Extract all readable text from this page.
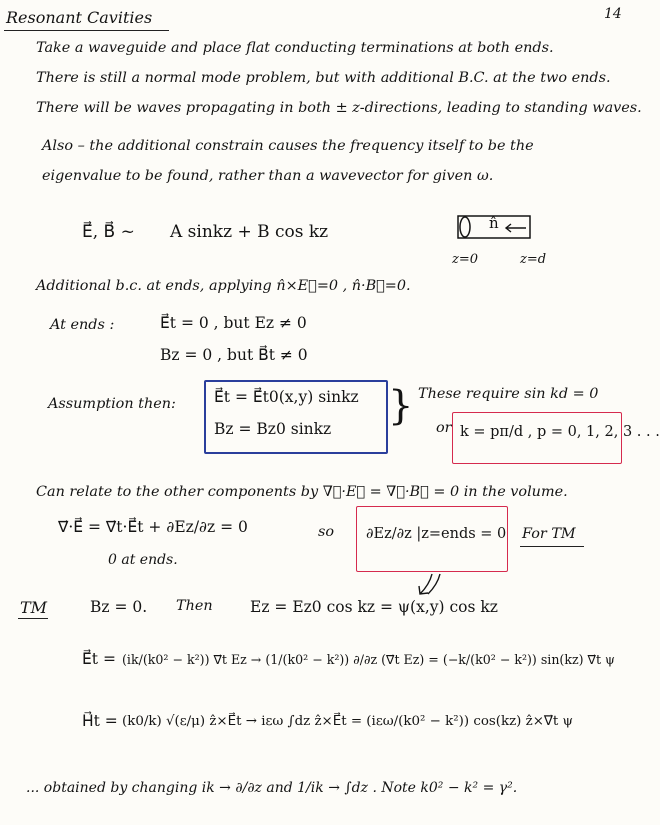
Resonant Cavities	14
Take a waveguide and place flat conducting terminations at both ends.
There is still a normal mode problem, but with additional B.C. at the two ends.
There will be waves propagating in both ± z-directions, leading to standing waves.
Also – the additional constrain causes the frequency itself to be the
eigenvalue to be found, rather than a wavevector for given ω.
E⃗, B⃗ ~ A sinkz + B cos kz	n̂
z=0	z=d
Additional b.c. at ends, applying n̂×E⃗=0 , n̂·B⃗=0.
At ends :	E⃗t = 0 , but Ez ≠ 0
Bz = 0 , but B⃗t ≠ 0
Assumption then: E⃗t = E⃗t0(x,y) sinkz
Bz = Bz0 sinkz } These require sin kd = 0
or k = pπ/d , p = 0, 1, 2, 3 . . .
Can relate to the other components by ∇⃗·E⃗ = ∇⃗·B⃗ = 0 in the volume.
∇⃗·E⃗ = ∇⃗t·E⃗t + ∂Ez/∂z = 0
0 at ends.
so ∂Ez/∂z |z=ends = 0 For TM
TM	Bz = 0. Then Ez = Ez0 cos kz = ψ(x,y) cos kz
E⃗t = (ik/(k0² − k²)) ∇⃗t Ez → (1/(k0² − k²)) ∂/∂z (∇⃗t Ez) = (−k/(k0² − k²)) sin(kz) ∇⃗t ψ
H⃗t = (k0/k) √(ε/μ) ẑ×E⃗t → iεω ∫dz ẑ×E⃗t = (iεω/(k0² − k²)) cos(kz) ẑ×∇⃗t ψ
... obtained by changing ik → ∂/∂z and 1/ik → ∫dz . Note k0² − k² = γ².
